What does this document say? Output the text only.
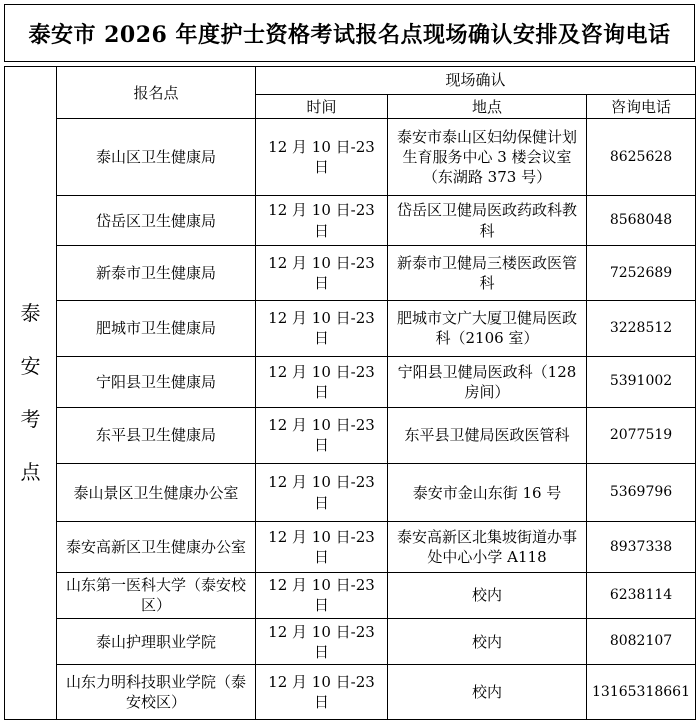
泰安市 2026 年度护士资格考试报名点现场确认安排及咨询电话
泰
安
考
点	报名点	现场确认		
		时间	地点	咨询电话
	泰山区卫生健康局	12 月 10 日-23 日	泰安市泰山区妇幼保健计划生育服务中心 3 楼会议室（东湖路 373 号）	8625628
	岱岳区卫生健康局	12 月 10 日-23 日	岱岳区卫健局医政药政科教科	8568048
	新泰市卫生健康局	12 月 10 日-23 日	新泰市卫健局三楼医政医管科	7252689
	肥城市卫生健康局	12 月 10 日-23 日	肥城市文广大厦卫健局医政科（2106 室）	3228512
	宁阳县卫生健康局	12 月 10 日-23 日	宁阳县卫健局医政科（128 房间）	5391002
	东平县卫生健康局	12 月 10 日-23 日	东平县卫健局医政医管科	2077519
	泰山景区卫生健康办公室	12 月 10 日-23 日	泰安市金山东街 16 号	5369796
	泰安高新区卫生健康办公室	12 月 10 日-23 日	泰安高新区北集坡街道办事处中心小学 A118	8937338
	山东第一医科大学（泰安校区）	12 月 10 日-23 日	校内	6238114
	泰山护理职业学院	12 月 10 日-23 日	校内	8082107
	山东力明科技职业学院（泰安校区）	12 月 10 日-23 日	校内	13165318661
